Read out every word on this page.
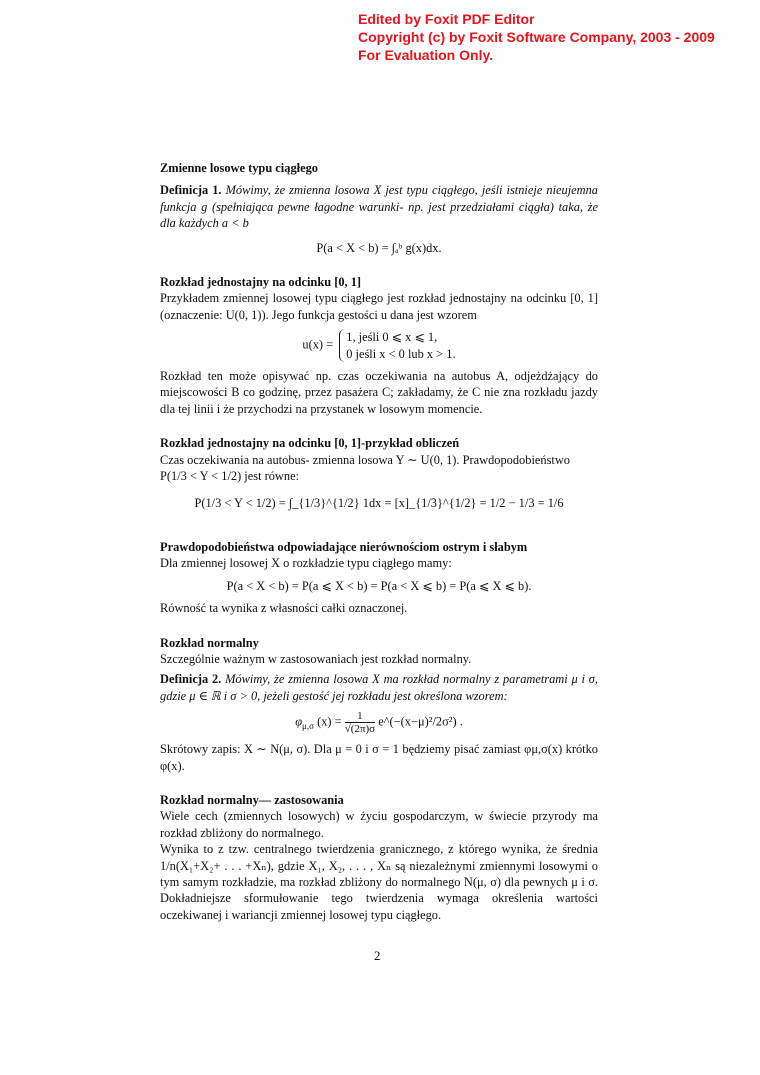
Edited by Foxit PDF Editor
Copyright (c) by Foxit Software Company, 2003 - 2009
For Evaluation Only.

Zmienne losowe typu ciągłego

Definicja 1. Mówimy, że zmienna losowa X jest typu ciągłego, jeśli istnieje nieujemna funkcja g (spełniająca pewne łagodne warunki- np. jest przedziałami ciągła) taka, że dla każdych a < b

P(a < X < b) = ∫ₐᵇ g(x)dx.

Rozkład jednostajny na odcinku [0, 1]

Przykładem zmiennej losowej typu ciągłego jest rozkład jednostajny na odcinku [0, 1] (oznaczenie: U(0, 1)). Jego funkcja gestości u dana jest wzorem

u(x) =
1, jeśli 0 ⩽ x ⩽ 1,
0 jeśli x < 0 lub x > 1.

Rozkład ten może opisywać np. czas oczekiwania na autobus A, odjeżdżający do miejscowości B co godzinę, przez pasażera C; zakładamy, że C nie zna rozkładu jazdy dla tej linii i że przychodzi na przystanek w losowym momencie.

Rozkład jednostajny na odcinku [0, 1]-przykład obliczeń

Czas oczekiwania na autobus- zmienna losowa Y ∼ U(0, 1). Prawdopodobieństwo

P(1/3 < Y < 1/2) jest równe:

P(1/3 < Y < 1/2) = ∫_{1/3}^{1/2} 1dx = [x]_{1/3}^{1/2} = 1/2 − 1/3 = 1/6

Prawdopodobieństwa odpowiadające nierównościom ostrym i słabym

Dla zmiennej losowej X o rozkładzie typu ciągłego mamy:

P(a < X < b) = P(a ⩽ X < b) = P(a < X ⩽ b) = P(a ⩽ X ⩽ b).

Równość ta wynika z własności całki oznaczonej.

Rozkład normalny

Szczególnie ważnym w zastosowaniach jest rozkład normalny.

Definicja 2. Mówimy, że zmienna losowa X ma rozkład normalny z parametrami μ i σ, gdzie μ ∈ ℝ i σ > 0, jeżeli gestość jej rozkładu jest określona wzorem:

$\varphi_{\mu,\sigma}$ $(x) = \frac{1}{√(2\pi)\sigma}$ e^(−(x−μ)²/2σ²) .

Skrótowy zapis: X ∼ N(μ, σ). Dla μ = 0 i σ = 1 będziemy pisać zamiast φμ,σ(x) krótko φ(x).

Rozkład normalny— zastosowania

Wiele cech (zmiennych losowych) w życiu gospodarczym, w świecie przyrody ma rozkład zbliżony do normalnego.

Wynika to z tzw. centralnego twierdzenia granicznego, z którego wynika, że średnia 1/n(X₁+X₂+ . . . +Xₙ), gdzie X₁, X₂, . . . , Xₙ są niezależnymi zmiennymi losowymi o tym samym rozkładzie, ma rozkład zbliżony do normalnego N(μ, σ) dla pewnych μ i σ. Dokładniejsze sformułowanie tego twierdzenia wymaga określenia wartości oczekiwanej i wariancji zmiennej losowej typu ciągłego.

2
